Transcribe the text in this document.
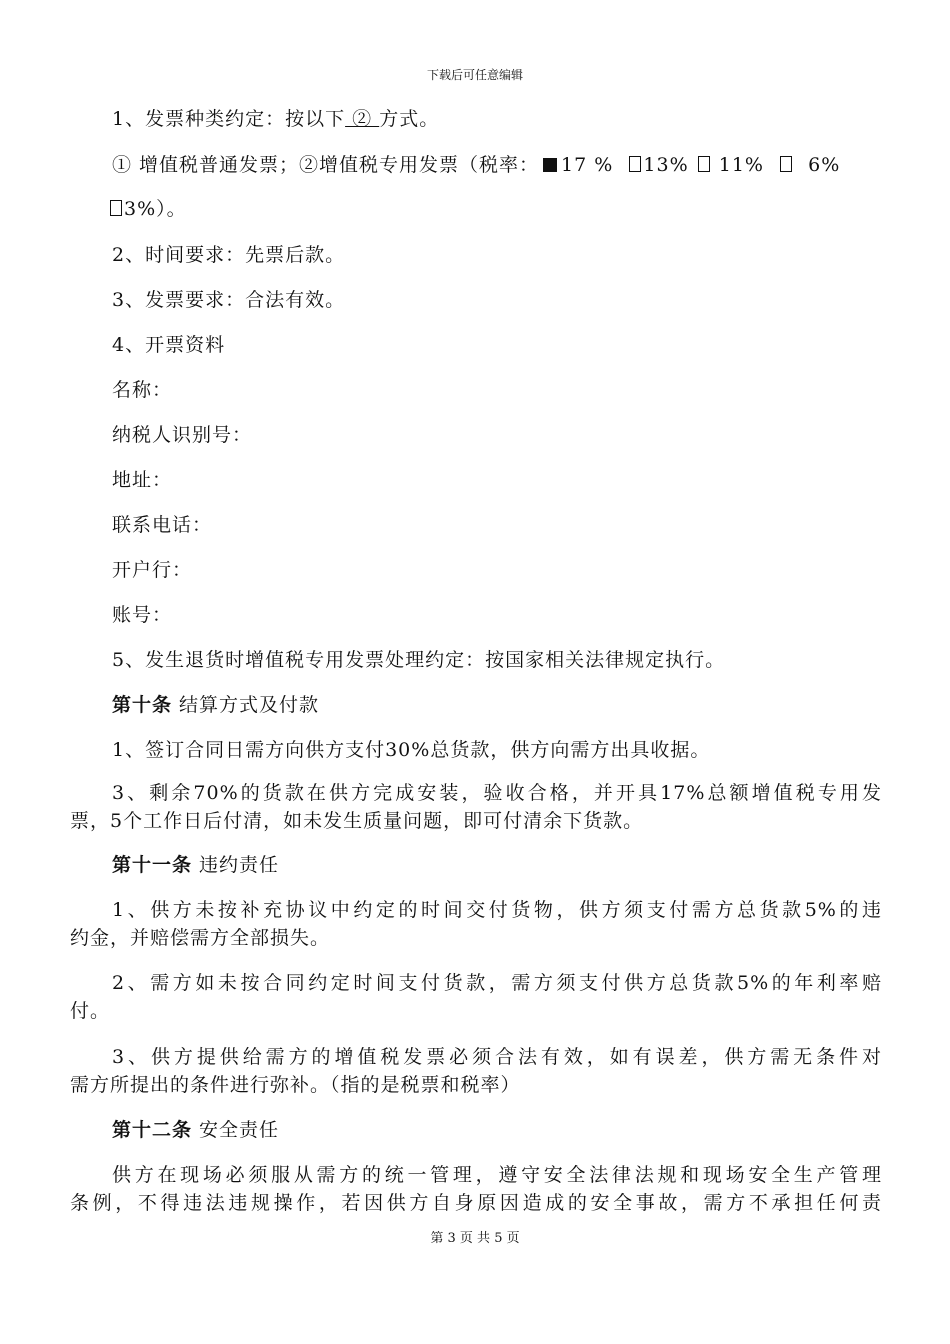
下载后可任意编辑
1、发票种类约定：按以下 ② 方式。
① 增值税普通发票；②增值税专用发票（税率： 17 % 13% 11% 6%
3%）。
2、时间要求：先票后款。
3、发票要求：合法有效。
4、开票资料
名称：
纳税人识别号：
地址：
联系电话：
开户行：
账号：
5、发生退货时增值税专用发票处理约定：按国家相关法律规定执行。
第十条 结算方式及付款
1、签订合同日需方向供方支付30%总货款，供方向需方出具收据。
3、剩余70%的货款在供方完成安装，验收合格，并开具17%总额增值税专用发
票，5个工作日后付清，如未发生质量问题，即可付清余下货款。
第十一条 违约责任
1、供方未按补充协议中约定的时间交付货物，供方须支付需方总货款5%的违
约金，并赔偿需方全部损失。
2、需方如未按合同约定时间支付货款，需方须支付供方总货款5%的年利率赔
付。
3、供方提供给需方的增值税发票必须合法有效，如有误差，供方需无条件对
需方所提出的条件进行弥补。（指的是税票和税率）
第十二条 安全责任
供方在现场必须服从需方的统一管理，遵守安全法律法规和现场安全生产管理
条例，不得违法违规操作，若因供方自身原因造成的安全事故，需方不承担任何责
第 3 页 共 5 页
